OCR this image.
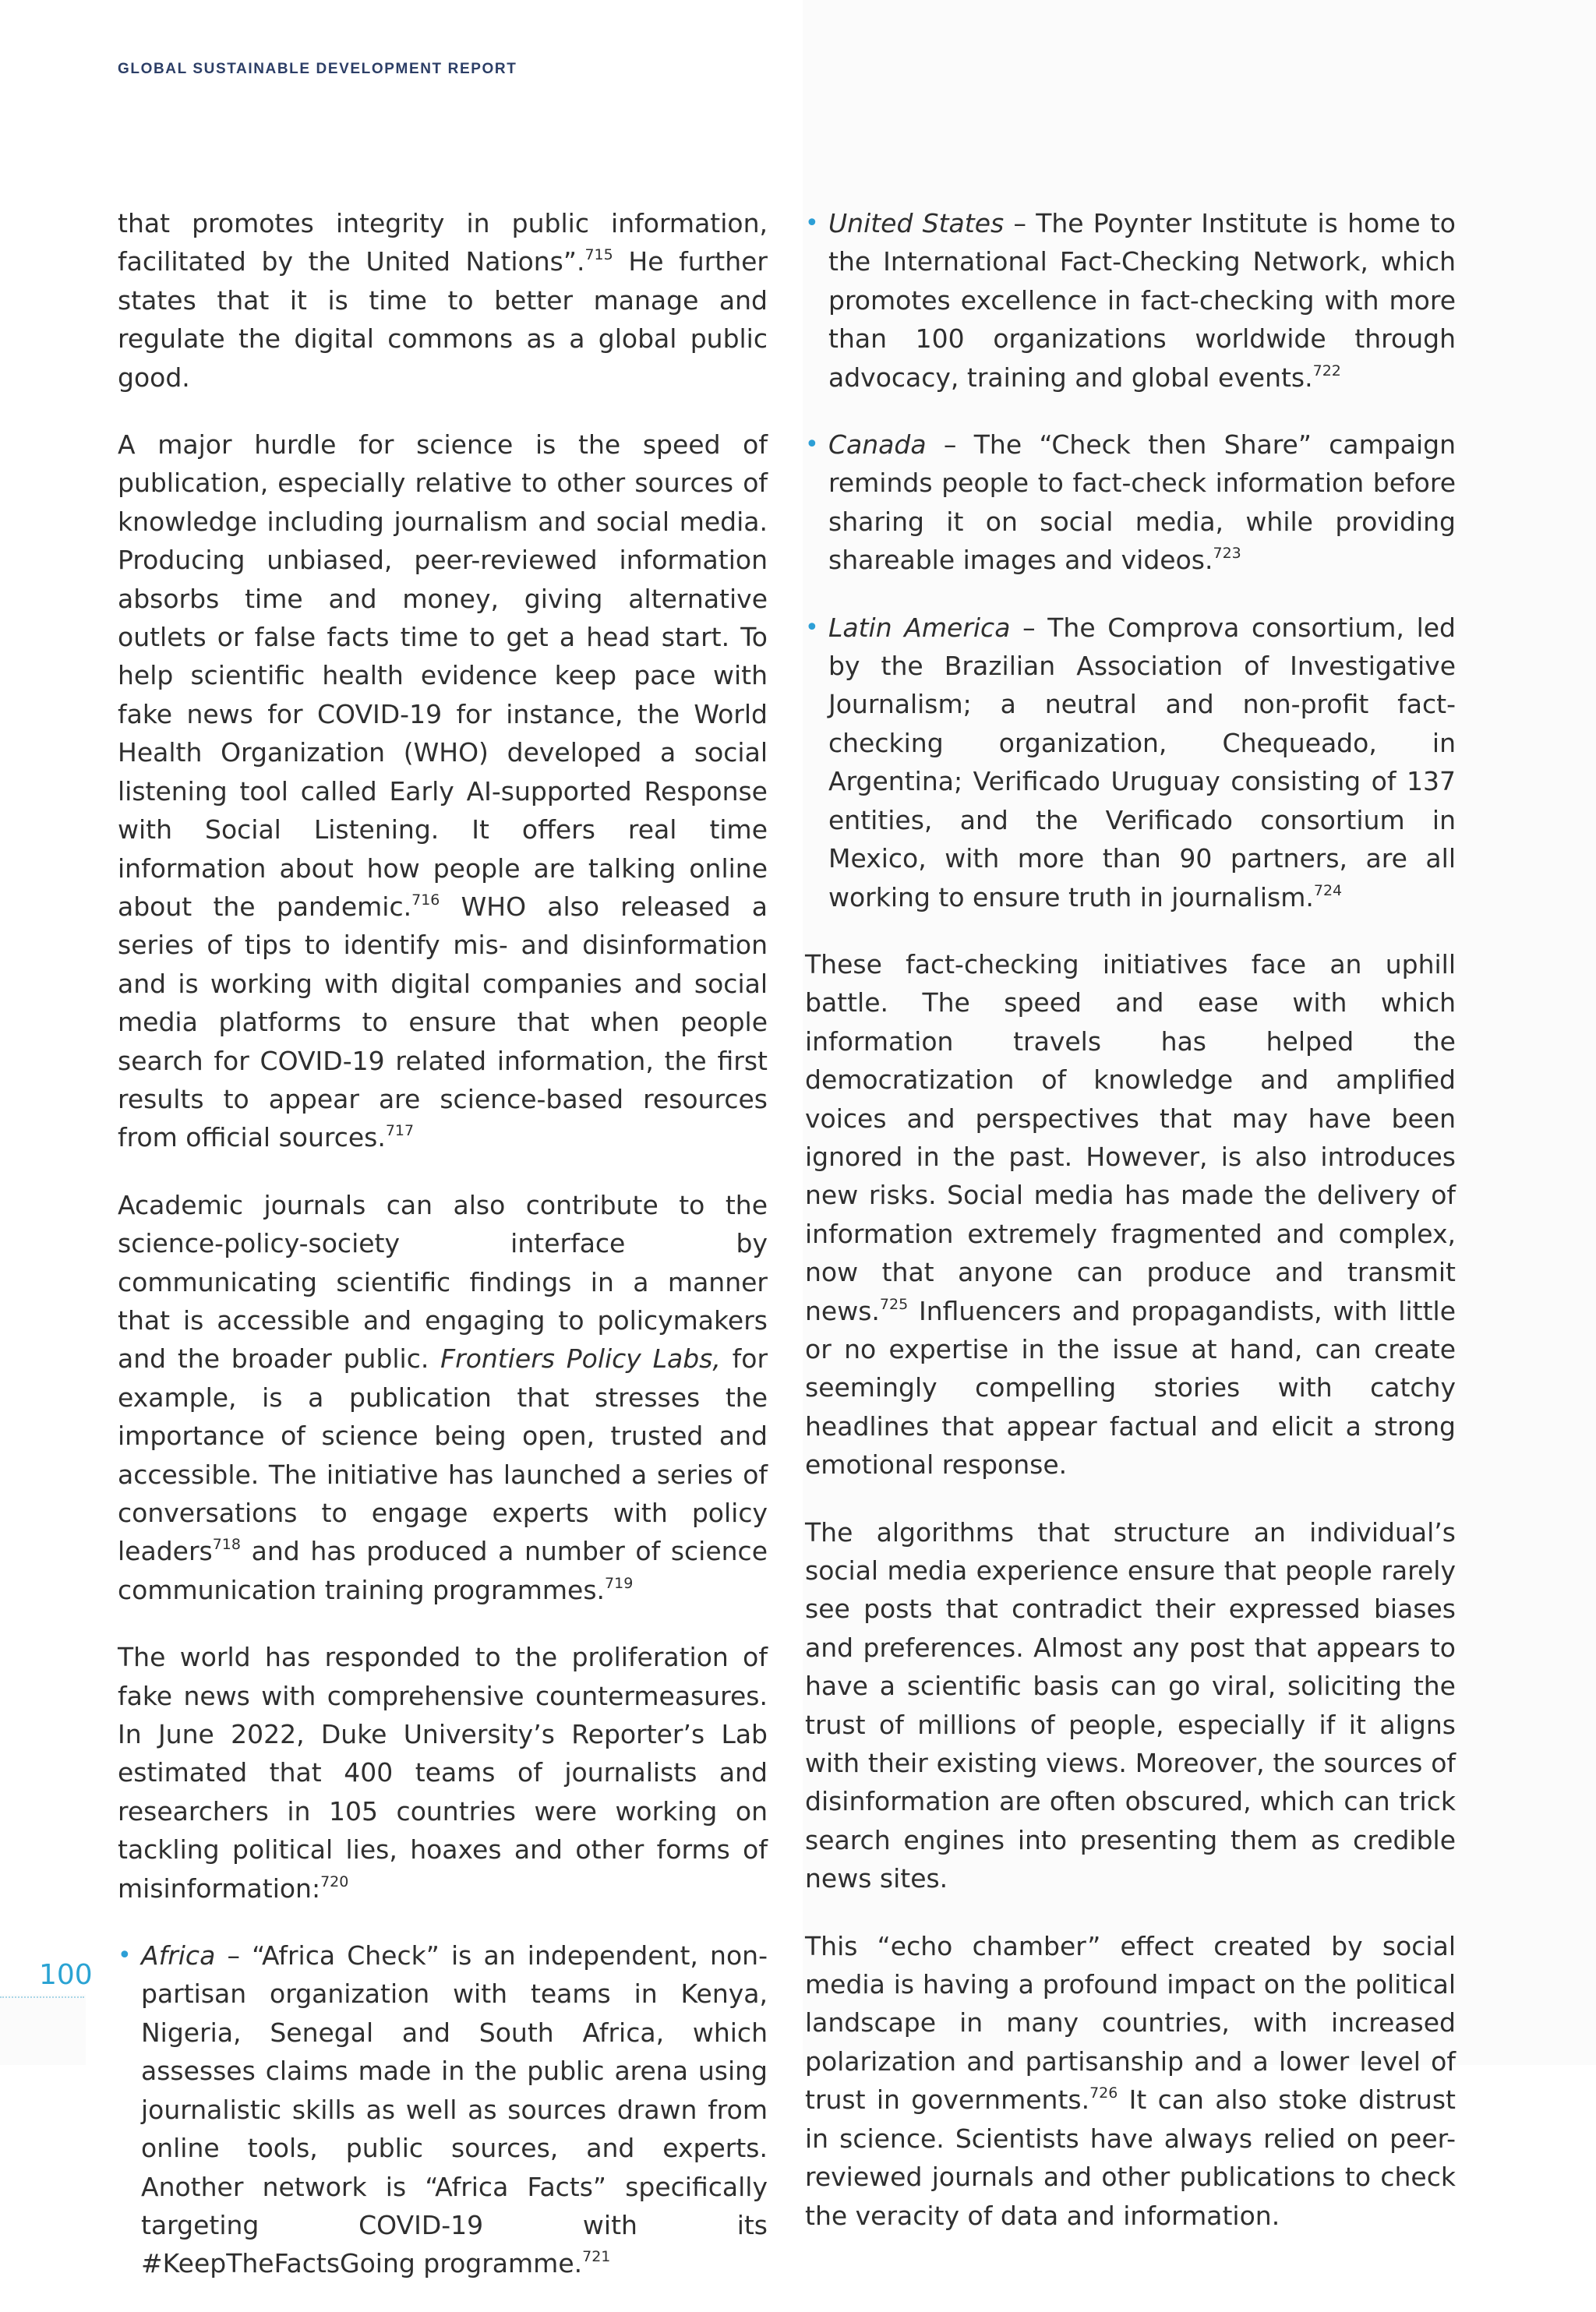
GLOBAL SUSTAINABLE DEVELOPMENT REPORT

that promotes integrity in public information, facilitated by the United Nations”.$^{715}$ He further states that it is time to better manage and regulate the digital commons as a global public good.

A major hurdle for science is the speed of publication, especially relative to other sources of knowledge including journalism and social media. Producing unbiased, peer-reviewed information absorbs time and money, giving alternative outlets or false facts time to get a head start. To help scientific health evidence keep pace with fake news for COVID-19 for instance, the World Health Organization (WHO) developed a social listening tool called Early AI-supported Response with Social Listening. It offers real time information about how people are talking online about the pandemic.$^{716}$ WHO also released a series of tips to identify mis- and disinformation and is working with digital companies and social media platforms to ensure that when people search for COVID-19 related information, the first results to appear are science-based resources from official sources.$^{717}$

Academic journals can also contribute to the science-policy-society interface by communicating scientific findings in a manner that is accessible and engaging to policymakers and the broader public. Frontiers Policy Labs, for example, is a publication that stresses the importance of science being open, trusted and accessible. The initiative has launched a series of conversations to engage experts with policy leaders$^{718}$ and has produced a number of science communication training programmes.$^{719}$

The world has responded to the proliferation of fake news with comprehensive countermeasures. In June 2022, Duke University’s Reporter’s Lab estimated that 400 teams of journalists and researchers in 105 countries were working on tackling political lies, hoaxes and other forms of misinformation:$^{720}$

• Africa – “Africa Check” is an independent, non-partisan organization with teams in Kenya, Nigeria, Senegal and South Africa, which assesses claims made in the public arena using journalistic skills as well as sources drawn from online tools, public sources, and experts. Another network is “Africa Facts” specifically targeting COVID-19 with its #KeepTheFactsGoing programme.$^{721}$
• United States – The Poynter Institute is home to the International Fact-Checking Network, which promotes excellence in fact-checking with more than 100 organizations worldwide through advocacy, training and global events.$^{722}$
• Canada – The “Check then Share” campaign reminds people to fact-check information before sharing it on social media, while providing shareable images and videos.$^{723}$
• Latin America – The Comprova consortium, led by the Brazilian Association of Investigative Journalism; a neutral and non-profit fact-checking organization, Chequeado, in Argentina; Verificado Uruguay consisting of 137 entities, and the Verificado consortium in Mexico, with more than 90 partners, are all working to ensure truth in journalism.$^{724}$

These fact-checking initiatives face an uphill battle. The speed and ease with which information travels has helped the democratization of knowledge and amplified voices and perspectives that may have been ignored in the past. However, is also introduces new risks. Social media has made the delivery of information extremely fragmented and complex, now that anyone can produce and transmit news.$^{725}$ Influencers and propagandists, with little or no expertise in the issue at hand, can create seemingly compelling stories with catchy headlines that appear factual and elicit a strong emotional response.

The algorithms that structure an individual’s social media experience ensure that people rarely see posts that contradict their expressed biases and preferences. Almost any post that appears to have a scientific basis can go viral, soliciting the trust of millions of people, especially if it aligns with their existing views. Moreover, the sources of disinformation are often obscured, which can trick search engines into presenting them as credible news sites.

This “echo chamber” effect created by social media is having a profound impact on the political landscape in many countries, with increased polarization and partisanship and a lower level of trust in governments.$^{726}$ It can also stoke distrust in science. Scientists have always relied on peer-reviewed journals and other publications to check the veracity of data and information.

100
